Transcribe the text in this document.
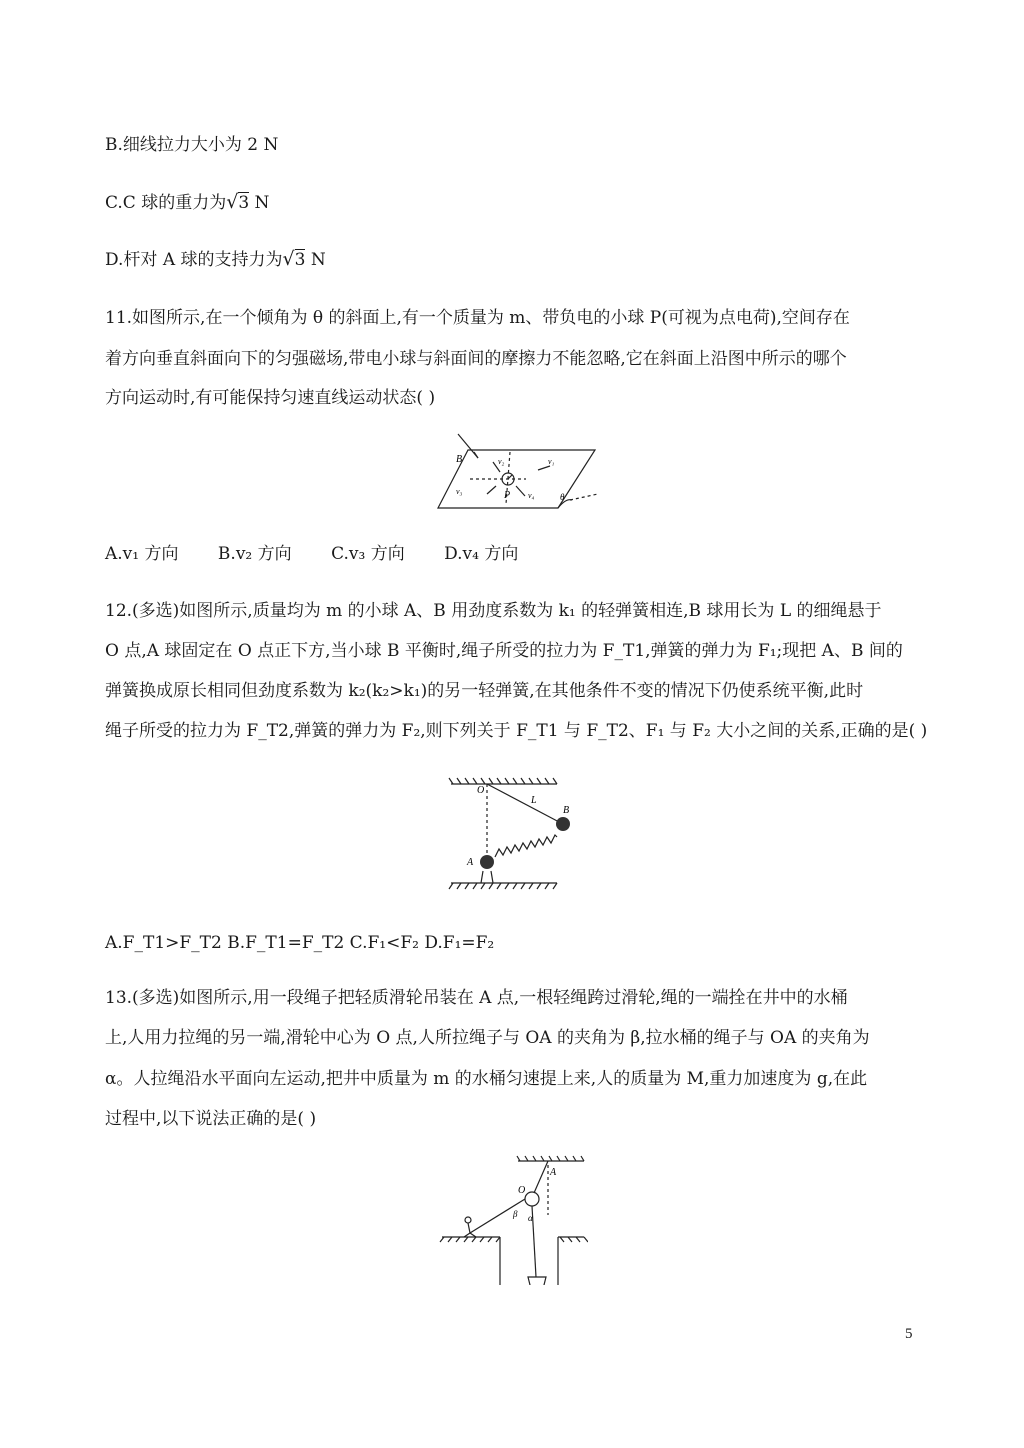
B.细线拉力大小为 2 N
C.C 球的重力为√3 N
D.杆对 A 球的支持力为√3 N
11.如图所示,在一个倾角为 θ 的斜面上,有一个质量为 m、带负电的小球 P(可视为点电荷),空间存在
着方向垂直斜面向下的匀强磁场,带电小球与斜面间的摩擦力不能忽略,它在斜面上沿图中所示的哪个
方向运动时,有可能保持匀速直线运动状态( )
B
P	θ
v₂	v₁
v₃	v₄
A.v₁ 方向 B.v₂ 方向 C.v₃ 方向 D.v₄ 方向
12.(多选)如图所示,质量均为 m 的小球 A、B 用劲度系数为 k₁ 的轻弹簧相连,B 球用长为 L 的细绳悬于
O 点,A 球固定在 O 点正下方,当小球 B 平衡时,绳子所受的拉力为 F_T1,弹簧的弹力为 F₁;现把 A、B 间的
弹簧换成原长相同但劲度系数为 k₂(k₂>k₁)的另一轻弹簧,在其他条件不变的情况下仍使系统平衡,此时
绳子所受的拉力为 F_T2,弹簧的弹力为 F₂,则下列关于 F_T1 与 F_T2、F₁ 与 F₂ 大小之间的关系,正确的是( )
O
L
B
A
A.F_T1>F_T2 B.F_T1=F_T2 C.F₁<F₂ D.F₁=F₂
13.(多选)如图所示,用一段绳子把轻质滑轮吊装在 A 点,一根轻绳跨过滑轮,绳的一端拴在井中的水桶
上,人用力拉绳的另一端,滑轮中心为 O 点,人所拉绳子与 OA 的夹角为 β,拉水桶的绳子与 OA 的夹角为
α。人拉绳沿水平面向左运动,把井中质量为 m 的水桶匀速提上来,人的质量为 M,重力加速度为 g,在此
过程中,以下说法正确的是( )
A
O
β α
5
